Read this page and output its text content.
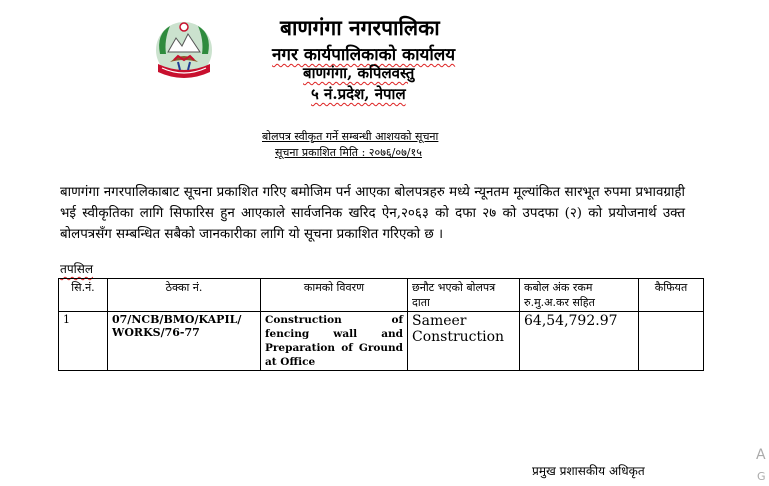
बाणगंगा नगरपालिका
नगर कार्यपालिकाको कार्यालय
बाणगंगा, कपिलवस्तु
५ नं.प्रदेश, नेपाल
बोलपत्र स्वीकृत गर्ने सम्बन्धी आशयको सूचना
सूचना प्रकाशित मिति : २०७६/०७/१५
बाणगंगा नगरपालिकाबाट सूचना प्रकाशित गरिए बमोजिम पर्न आएका बोलपत्रहरु मध्ये न्यूनतम मूल्यांकित सारभूत रुपमा प्रभावग्राही भई स्वीकृतिका लागि सिफारिस हुन आएकाले सार्वजनिक खरिद ऐन,२०६३ को दफा २७ को उपदफा (२) को प्रयोजनार्थ उक्त बोलपत्रसँग सम्बन्धित सबैको जानकारीका लागि यो सूचना प्रकाशित गरिएको छ ।
तपसिल
सि.नं.	ठेक्का नं.	कामको विवरण	छनौट भएको बोलपत्र दाता	कबोल अंक रकम रु.मु.अ.कर सहित	कैफियत
1	07/NCB/BMO/KAPIL/ WORKS/76-77	Construction of fencing wall and Preparation of Ground at Office	Sameer Construction	64,54,792.97	
प्रमुख प्रशासकीय अधिकृत
A
G
